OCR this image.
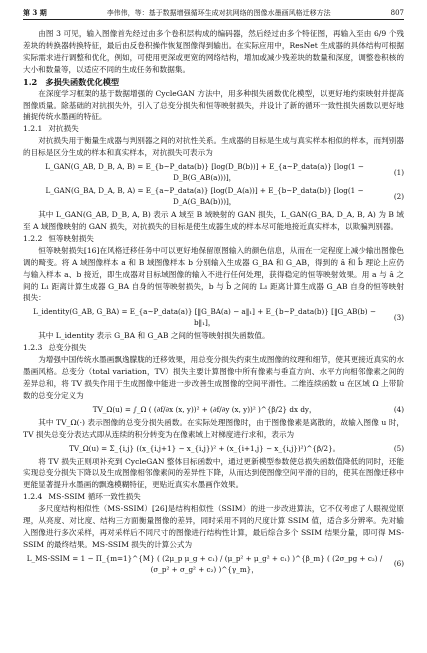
第 3 期	李伟伟，等：基于数据增强循环生成对抗网络的图像水墨画风格迁移方法	807

由图 3 可见，输入图像首先经过由多个卷积层构成的编码器，然后经过由多个特征图，再输入至由 6/9 个残差块的转换器转换特征，最后由反卷积操作恢复图像得到输出。在实际应用中，ResNet 生成器的具体结构可根据实际需求进行调整和优化，例如，可使用更深或更宽的网络结构，增加或减少残差块的数量和深度，调整卷积核的大小和数量等，以适应不同的生成任务和数据集。

1.2　多损失函数优化模型

在深度学习框架的基于数据增强的 CycleGAN 方法中，用多种损失函数优化模型，以更好地约束映射并提高图像质量。除基础的对抗损失外，引入了总变分损失和恒等映射损失，并设计了新的循环一致性损失函数以更好地捕捉传统水墨画的特征。

1.2.1 对抗损失

对抗损失用于衡量生成器与判别器之间的对抗性关系。生成器的目标是生成与真实样本相似的样本，而判别器的目标是区分生成的样本和真实样本，对抗损失可表示为

L_GAN(G_AB, D_B, A, B) = E_{b~P_data(b)} [log(D_B(b))] + E_{a~P_data(a)} [log(1 − D_B(G_AB(a)))]，
(1)
L_GAN(G_BA, D_A, B, A) = E_{a~P_data(a)} [log(D_A(a))] + E_{b~P_data(b)} [log(1 − D_A(G_BA(b)))]，
(2)

其中 L_GAN(G_AB, D_B, A, B) 表示 A 域至 B 域映射的 GAN 损失，L_GAN(G_BA, D_A, B, A) 为 B 域至 A 域图像映射的 GAN 损失，对抗损失的目标是使生成器生成的样本尽可能地接近真实样本，以欺骗判别器。

1.2.2 恒等映射损失

恒等映射损失[16]在风格迁移任务中可以更好地保留原图输入的颜色信息，从而在一定程度上减少输出图像色调的畸变。将 A 域图像样本 a 和 B 域图像样本 b 分别输入生成器 G_BA 和 G_AB，得到的 â 和 b̂ 理论上应仍与输入样本 a、b 接近，即生成器对目标域图像的输入不进行任何处理，获得稳定的恒等映射效果。用 a 与 â 之间的 L₁ 距离计算生成器 G_BA 自身的恒等映射损失，b 与 b̂ 之间的 L₁ 距离计算生成器 G_AB 自身的恒等映射损失：

L_identity(G_AB, G_BA) = E_{a~P_data(a)} [‖G_BA(a) − a‖₁] + E_{b~P_data(b)} [‖G_AB(b) − b‖₁]，
(3)

其中 L_identity 表示 G_BA 和 G_AB 之间的恒等映射损失函数值。

1.2.3 总变分损失

为增强中国传统水墨画飘逸朦胧的迁移效果，用总变分损失约束生成图像的纹理和细节，使其更接近真实的水墨画风格。总变分（total variation，TV）损失主要计算图像中所有像素与垂直方向、水平方向相邻像素之间的差异总和，将 TV 损失作用于生成图像中能进一步改善生成图像的空间平滑性。二维连续函数 u 在区域 Ω 上带阶数的总变分定义为

TV_Ω(u) = ∫_Ω ( (∂f/∂x (x, y))² + (∂f/∂y (x, y))² )^{β/2} dx dy，	(4)

其中 TV_Ω(·) 表示图像的总变分损失函数。在实际处理图像时，由于图像像素是离散的，故输入图像 u 时，TV 损失总变分表达式即从连续的积分转变为在像素域上对梯度进行求和，表示为

TV_Ω(u) = Σ_{i,j} ((x_{i,j+1} − x_{i,j})² + (x_{i+1,j} − x_{i,j})²)^{β/2}。	(5)

将 TV 损失正则项补充到 CycleGAN 整体目标函数中，通过更新模型参数使总损失函数值降低的同时，还能实现总变分损失下降以及生成图像相邻像素间的差异性下降，从而达到使图像空间平滑的目的，使其在图像迁移中更能显著提升水墨画的飘逸模糊特征，更贴近真实水墨画作效果。

1.2.4 MS-SSIM 循环一致性损失

多尺度结构相似性（MS-SSIM）[26]是结构相似性（SSIM）的进一步改进算法，它不仅考虑了人眼视觉原理，从亮度、对比度、结构三方面衡量图像的差异，同时采用不同的尺度计算 SSIM 值，适合多分辨率。先对输入图像进行多次采样，再对采样后不同尺寸的图像进行结构性计算，最后综合多个 SSIM 结果分量，即可得 MS-SSIM 的最终结果。MS-SSIM 损失的计算公式为

L_MS-SSIM = 1 − Π_{m=1}^{M} ( (2μ_p μ_g + c₁) / (μ_p² + μ_g² + c₁) )^{β_m} ( (2σ_pg + c₂) / (σ_p² + σ_g² + c₂) )^{γ_m}，
(6)
